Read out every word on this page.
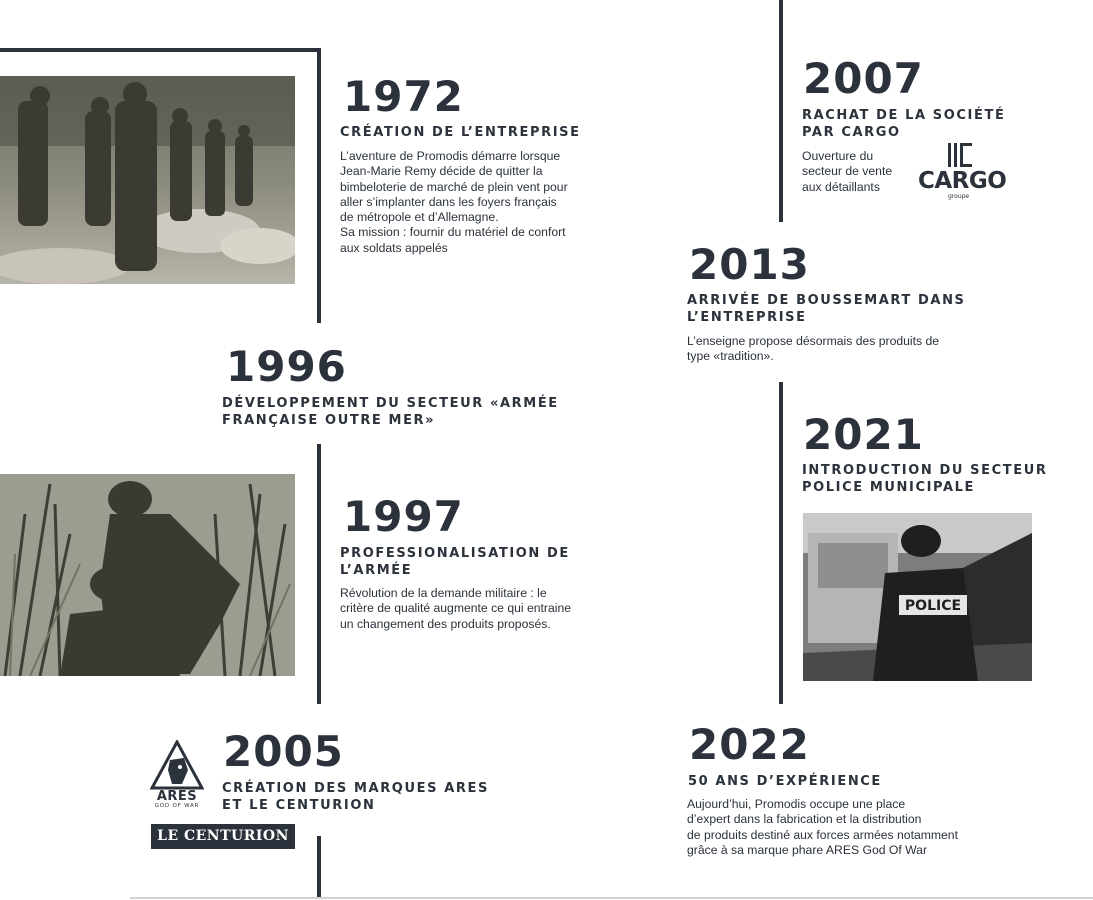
1972
CRÉATION DE L’ENTREPRISE
L’aventure de Promodis démarre lorsque
Jean-Marie Remy décide de quitter la
bimbeloterie de marché de plein vent pour
aller s’implanter dans les foyers français
de métropole et d’Allemagne.
Sa mission : fournir du matériel de confort
aux soldats appelés
1996
DÉVELOPPEMENT DU SECTEUR «ARMÉE
FRANÇAISE OUTRE MER»
1997
PROFESSIONALISATION DE
L’ARMÉE
Révolution de la demande militaire : le
critère de qualité augmente ce qui entraine
un changement des produits proposés.
ARES
GOD OF WAR
LE CENTURION
2005
CRÉATION DES MARQUES ARES
ET LE CENTURION
2007
RACHAT DE LA SOCIÉTÉ
PAR CARGO
Ouverture du
secteur de vente
aux détaillants	CARGO
groupe
2013
ARRIVÉE DE BOUSSEMART DANS
L’ENTREPRISE
L’enseigne propose désormais des produits de
type «tradition».
2021
INTRODUCTION DU SECTEUR
POLICE MUNICIPALE
POLICE
2022
50 ANS D’EXPÉRIENCE
Aujourd’hui, Promodis occupe une place
d’expert dans la fabrication et la distribution
de produits destiné aux forces armées notamment
grâce à sa marque phare ARES God Of War
